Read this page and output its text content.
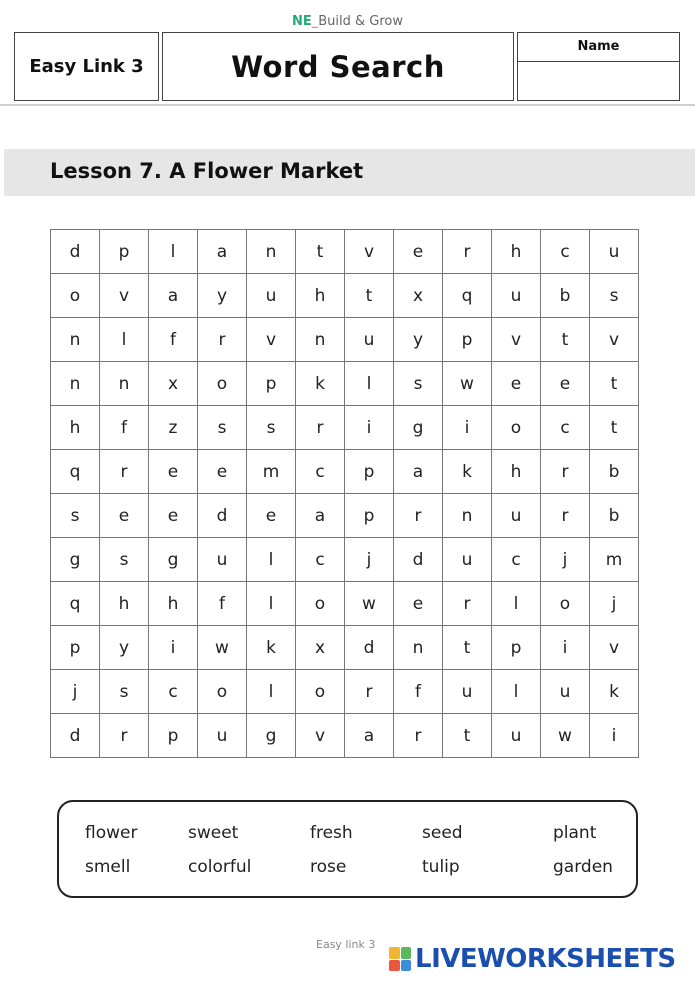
NE_Build & Grow
Easy Link 3	Word Search
Name
Lesson 7. A Flower Market
d	p	l	a	n	t	v	e	r	h	c	u
o	v	a	y	u	h	t	x	q	u	b	s
n	l	f	r	v	n	u	y	p	v	t	v
n	n	x	o	p	k	l	s	w	e	e	t
h	f	z	s	s	r	i	g	i	o	c	t
q	r	e	e	m	c	p	a	k	h	r	b
s	e	e	d	e	a	p	r	n	u	r	b
g	s	g	u	l	c	j	d	u	c	j	m
q	h	h	f	l	o	w	e	r	l	o	j
p	y	i	w	k	x	d	n	t	p	i	v
j	s	c	o	l	o	r	f	u	l	u	k
d	r	p	u	g	v	a	r	t	u	w	i
flower	sweet	fresh	seed	plant
smell	colorful	rose	tulip	garden
Easy link 3 LIVEWORKSHEETS
